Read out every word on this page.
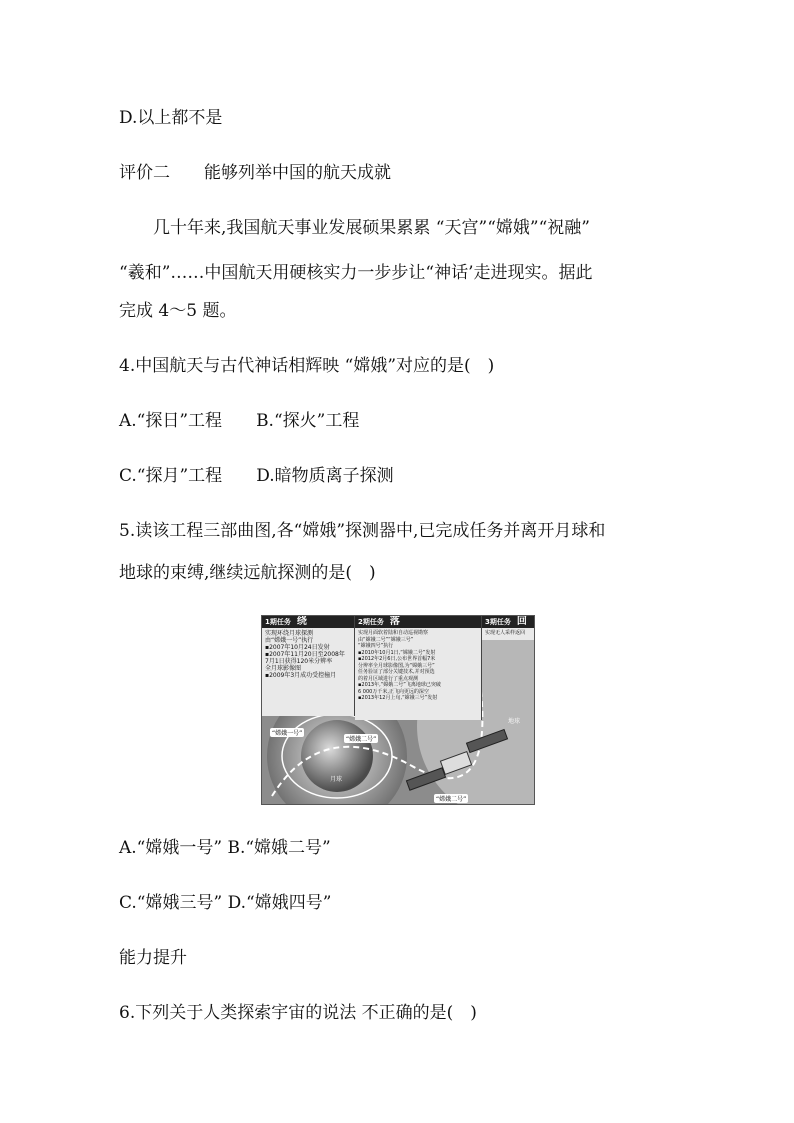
D.以上都不是
评价二 能够列举中国的航天成就
几十年来,我国航天事业发展硕果累累 “天宫”“嫦娥”“祝融”
“羲和”……中国航天用硬核实力一步步让“神话’走进现实。据此
完成 4～5 题。
4.中国航天与古代神话相辉映 “嫦娥”对应的是(　)
A.“探日”工程 B.“探火”工程
C.“探月”工程 D.暗物质离子探测
5.读该工程三部曲图,各“嫦娥”探测器中,已完成任务并离开月球和
地球的束缚,继续远航探测的是(　)
1期任务 绕
实现环绕月球探测
由“嫦娥一号”执行
▪2007年10月24日发射
▪2007年11月20日至2008年
7月1日获得120米分辨率
全月球影像图
▪2009年3月成功受控撞月
2期任务 落
实现月面软着陆和自动巡视勘察
由“嫦娥二号”“嫦娥三号”
“嫦娥四号”执行
▪2010年10月1日,“嫦娥二号”发射
▪2012年2月6日,公布世界首幅7米
分辨率全月球影像图,为“嫦娥三号”
任务验证了部分关键技术,并对预选
的着月区域进行了重点观测
▪2013年,“嫦娥二号”飞离地球已突破
6 000万千米,正飞向更远的深空
▪2013年12月上旬,“嫦娥三号”发射
3期任务 回
实现无人采样返回
“嫦娥一号”
“嫦娥二号”
“嫦娥二号”
月球
地球
A.“嫦娥一号” B.“嫦娥二号”
C.“嫦娥三号” D.“嫦娥四号”
能力提升
6.下列关于人类探索宇宙的说法 不正确的是(　)
